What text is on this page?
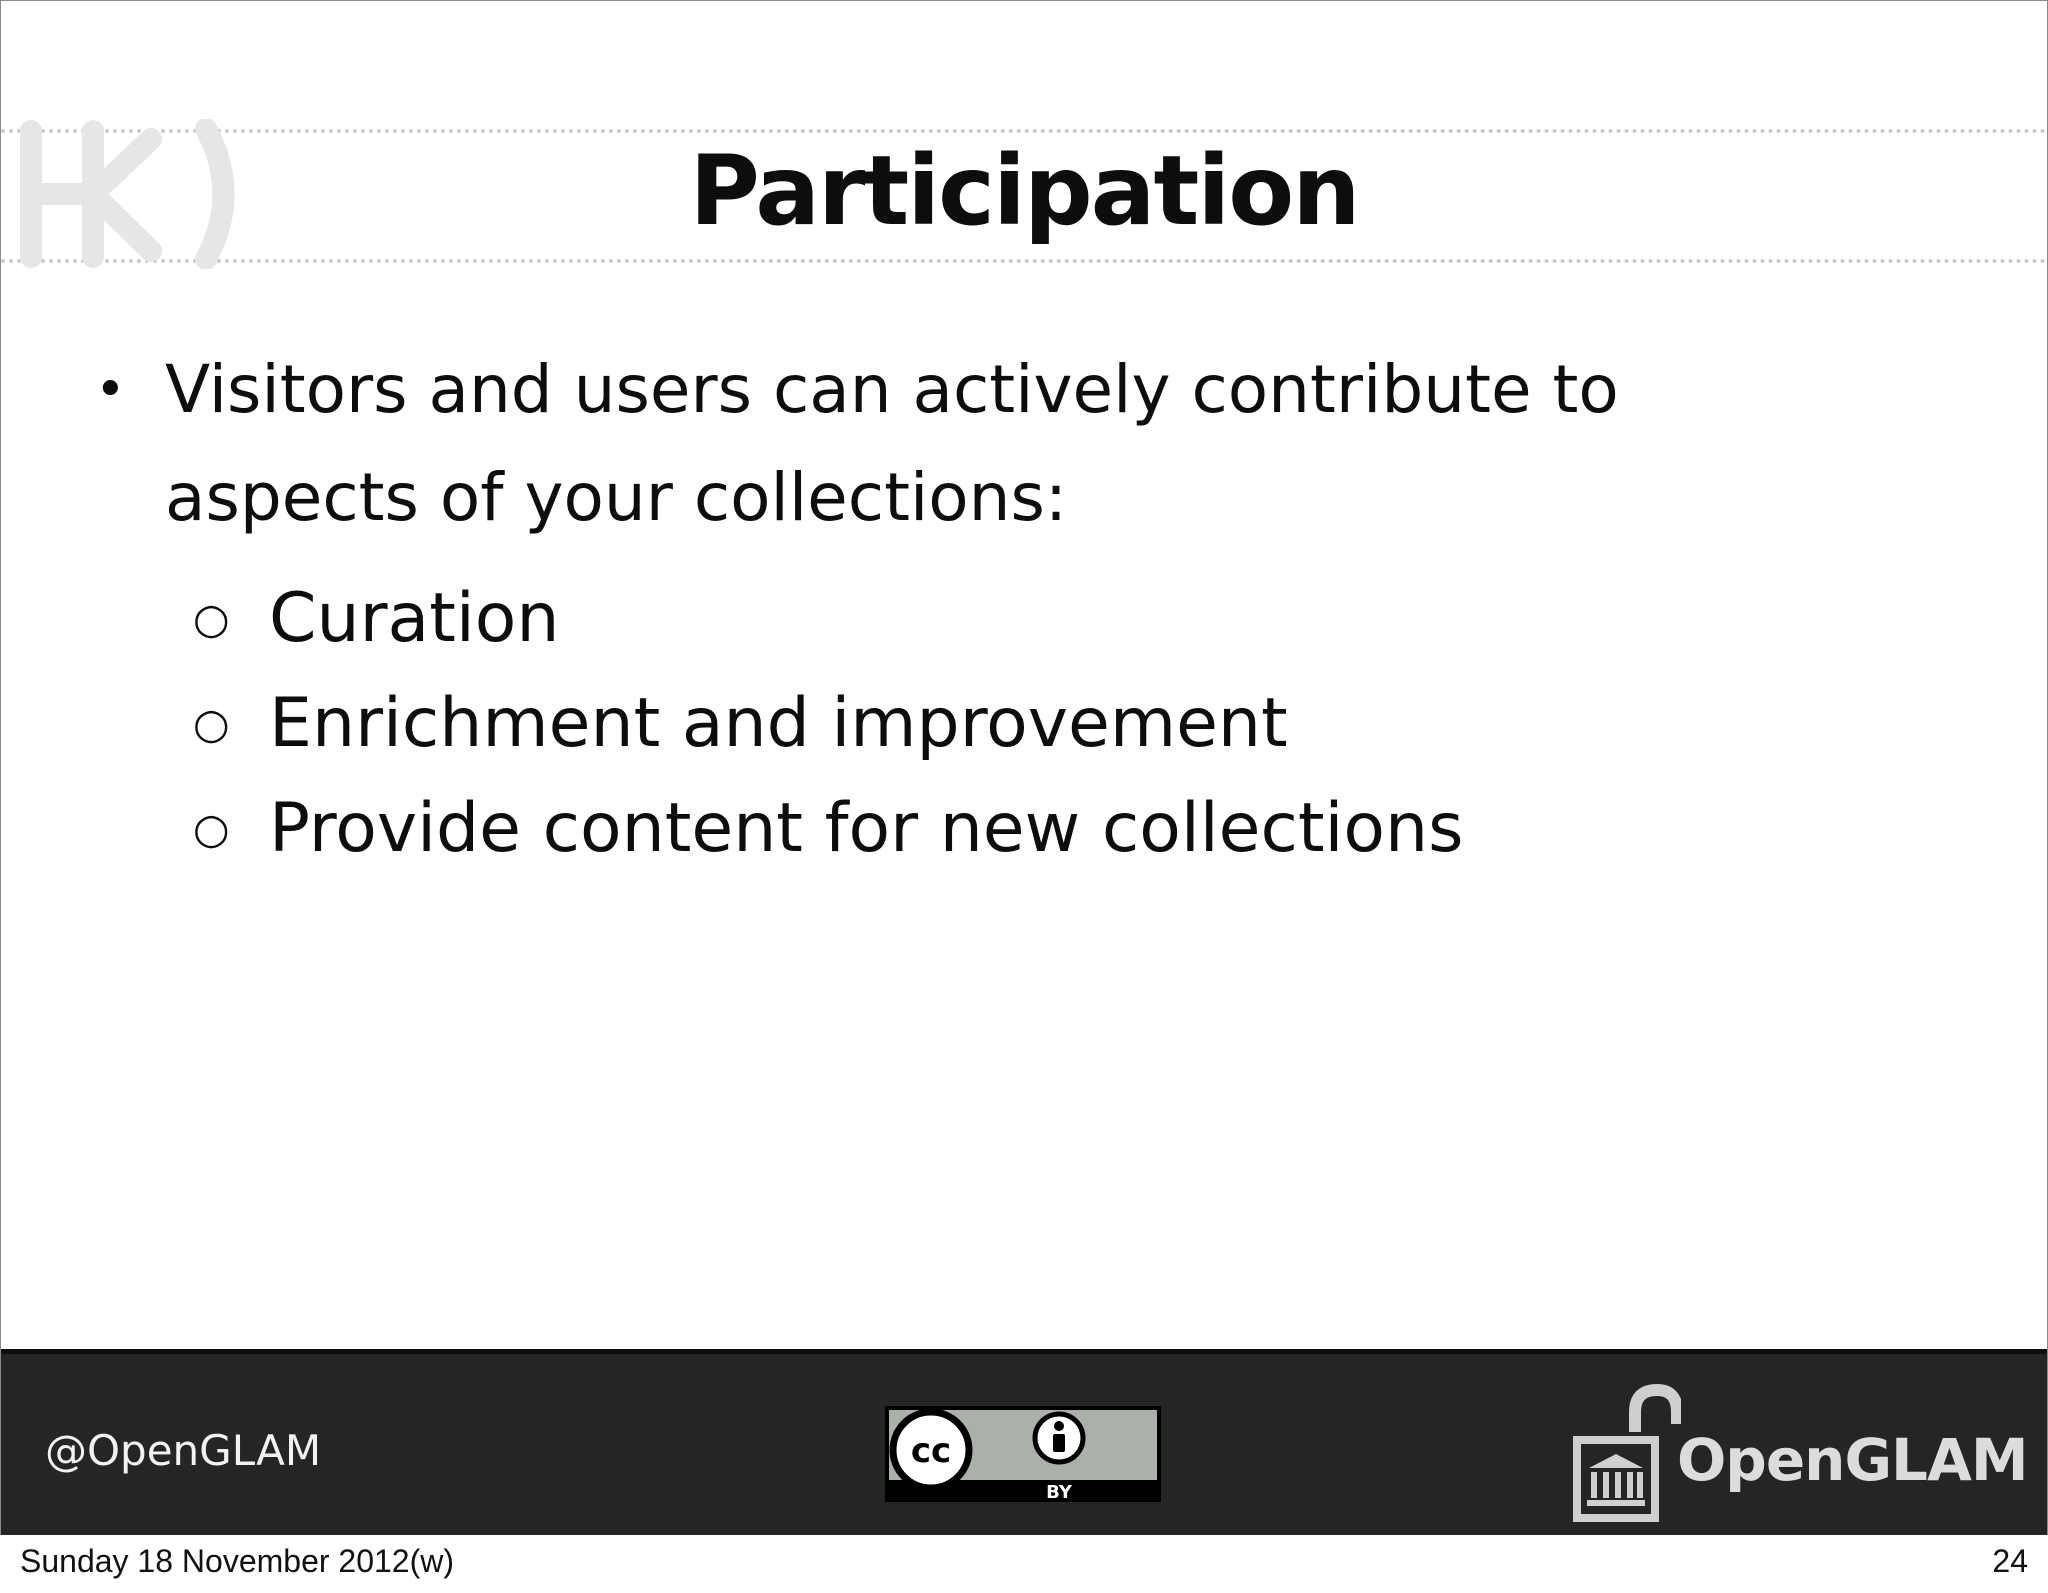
Participation
• Visitors and users can actively contribute to aspects of your collections:
○ Curation
○ Enrichment and improvement
○ Provide content for new collections
@OpenGLAM	cc
BY	OpenGLAM
Sunday 18 November 2012(w)	24
